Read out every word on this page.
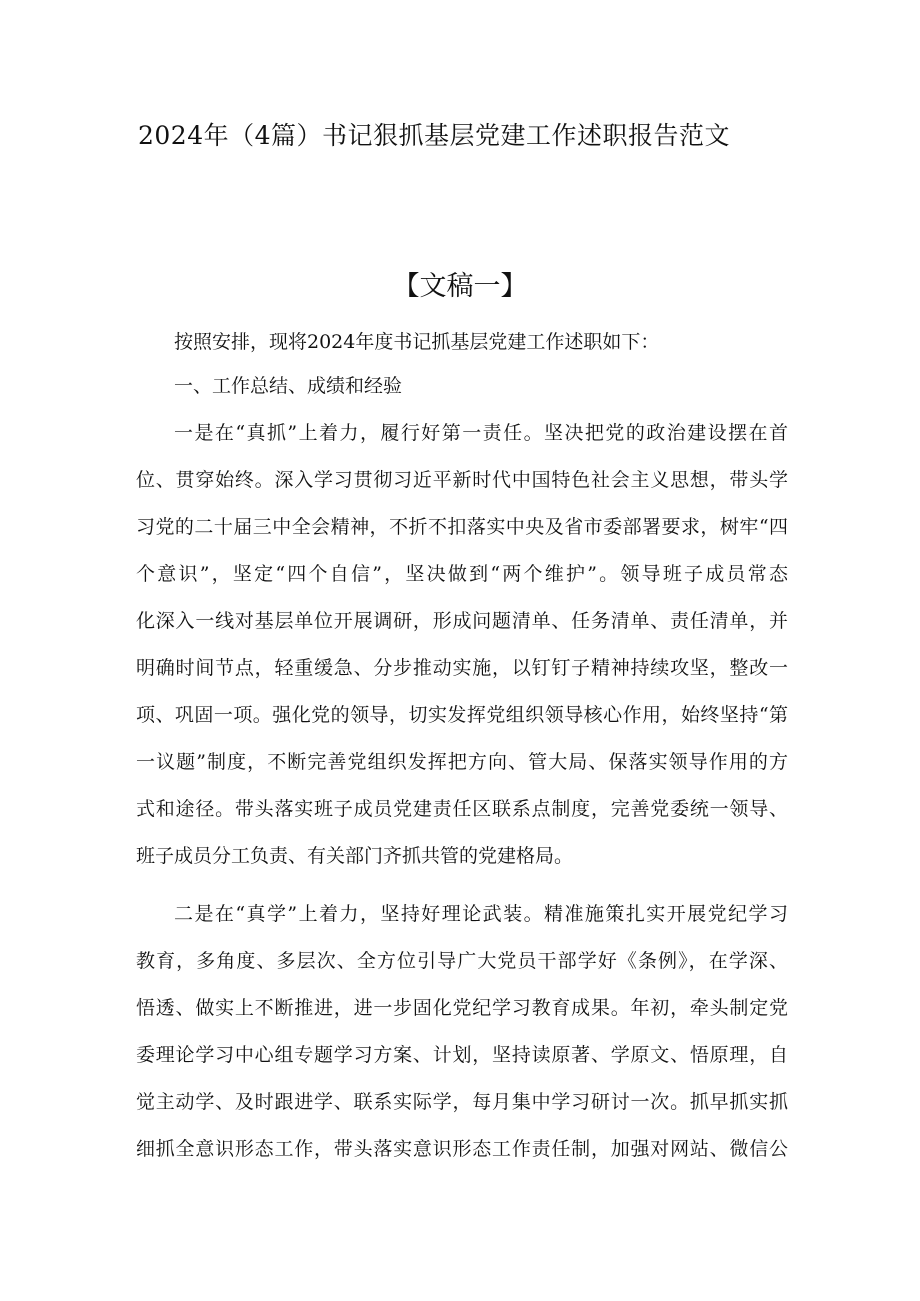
2024年（4篇）书记狠抓基层党建工作述职报告范文
【文稿一】

按照安排，现将2024年度书记抓基层党建工作述职如下：

一、工作总结、成绩和经验

一是在“真抓”上着力，履行好第一责任。坚决把党的政治建设摆在首

位、贯穿始终。深入学习贯彻习近平新时代中国特色社会主义思想，带头学

习党的二十届三中全会精神，不折不扣落实中央及省市委部署要求，树牢“四

个意识”，坚定“四个自信”，坚决做到“两个维护”。领导班子成员常态

化深入一线对基层单位开展调研，形成问题清单、任务清单、责任清单，并

明确时间节点，轻重缓急、分步推动实施，以钉钉子精神持续攻坚，整改一

项、巩固一项。强化党的领导，切实发挥党组织领导核心作用，始终坚持“第

一议题”制度，不断完善党组织发挥把方向、管大局、保落实领导作用的方

式和途径。带头落实班子成员党建责任区联系点制度，完善党委统一领导、

班子成员分工负责、有关部门齐抓共管的党建格局。

二是在“真学”上着力，坚持好理论武装。精准施策扎实开展党纪学习

教育，多角度、多层次、全方位引导广大党员干部学好《条例》，在学深、

悟透、做实上不断推进，进一步固化党纪学习教育成果。年初，牵头制定党

委理论学习中心组专题学习方案、计划，坚持读原著、学原文、悟原理，自

觉主动学、及时跟进学、联系实际学，每月集中学习研讨一次。抓早抓实抓

细抓全意识形态工作，带头落实意识形态工作责任制，加强对网站、微信公
